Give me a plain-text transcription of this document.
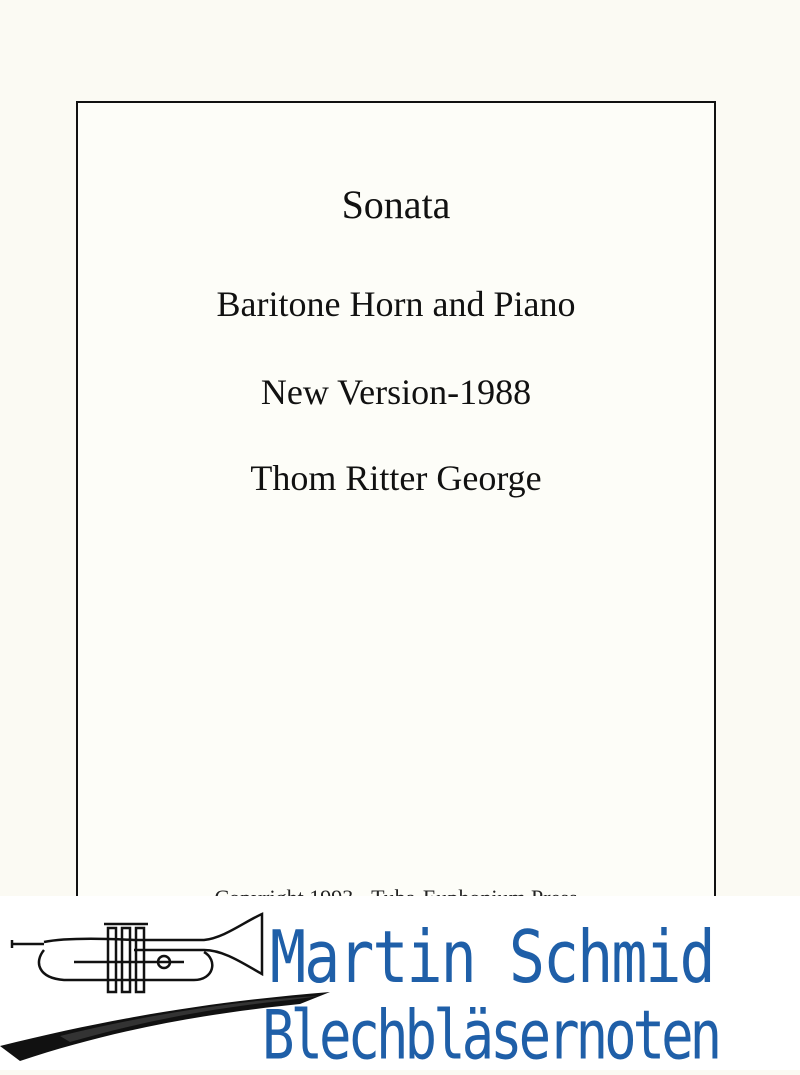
Sonata
Baritone Horn and Piano
New Version-1988
Thom Ritter George
Martin Schmid
Blechbläsernoten
